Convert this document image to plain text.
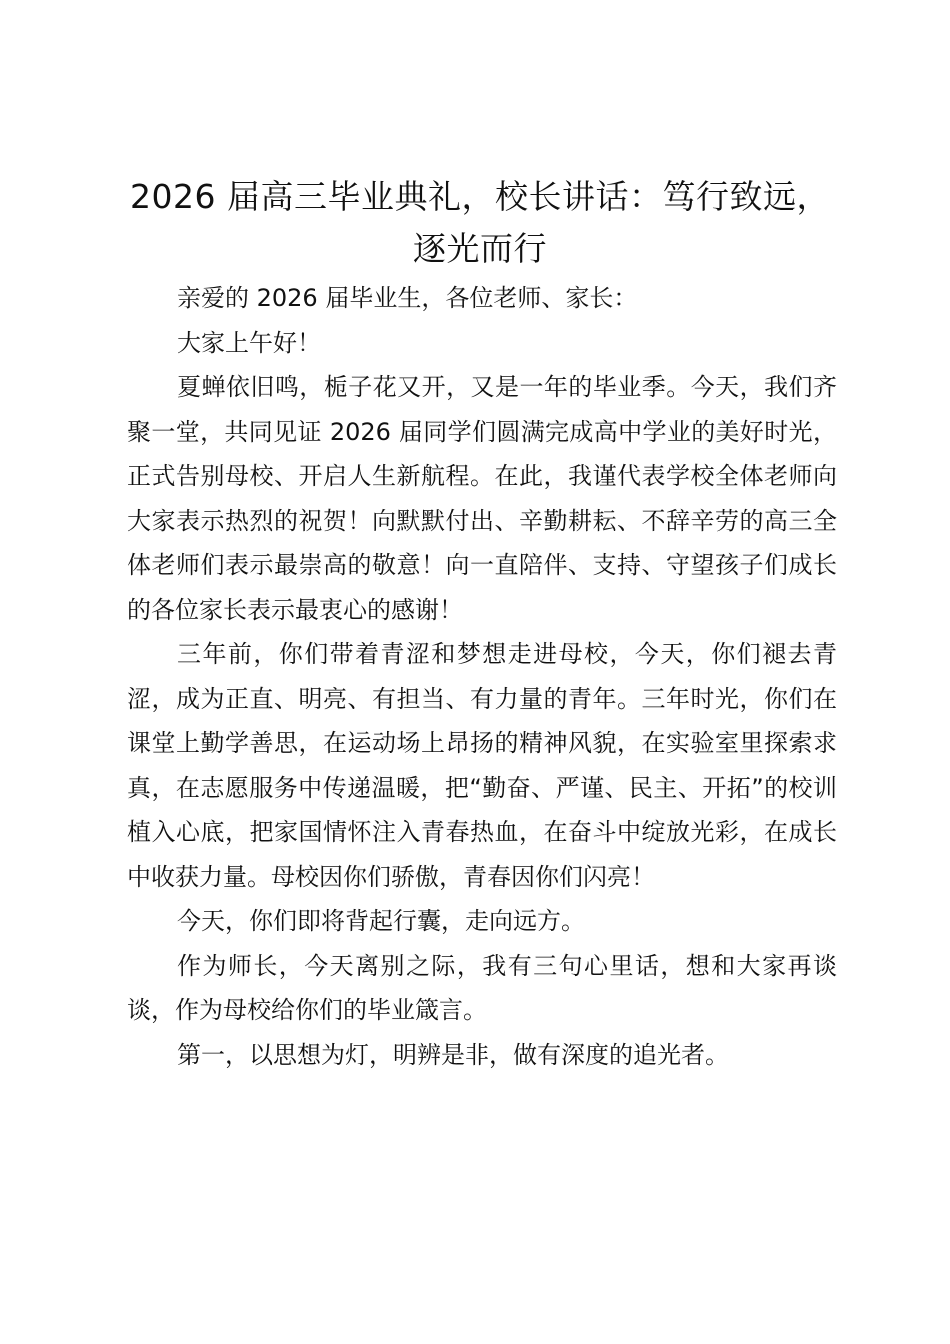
2026 届高三毕业典礼，校长讲话：笃行致远，逐光而行

亲爱的 2026 届毕业生，各位老师、家长：

大家上午好！

夏蝉依旧鸣，栀子花又开，又是一年的毕业季。今天，我们齐聚一堂，共同见证 2026 届同学们圆满完成高中学业的美好时光，正式告别母校、开启人生新航程。在此，我谨代表学校全体老师向大家表示热烈的祝贺！向默默付出、辛勤耕耘、不辞辛劳的高三全体老师们表示最崇高的敬意！向一直陪伴、支持、守望孩子们成长的各位家长表示最衷心的感谢！

三年前，你们带着青涩和梦想走进母校，今天，你们褪去青涩，成为正直、明亮、有担当、有力量的青年。三年时光，你们在课堂上勤学善思，在运动场上昂扬的精神风貌，在实验室里探索求真，在志愿服务中传递温暖，把“勤奋、严谨、民主、开拓”的校训植入心底，把家国情怀注入青春热血，在奋斗中绽放光彩，在成长中收获力量。母校因你们骄傲，青春因你们闪亮！

今天，你们即将背起行囊，走向远方。

作为师长，今天离别之际，我有三句心里话，想和大家再谈谈，作为母校给你们的毕业箴言。

第一，以思想为灯，明辨是非，做有深度的追光者。
